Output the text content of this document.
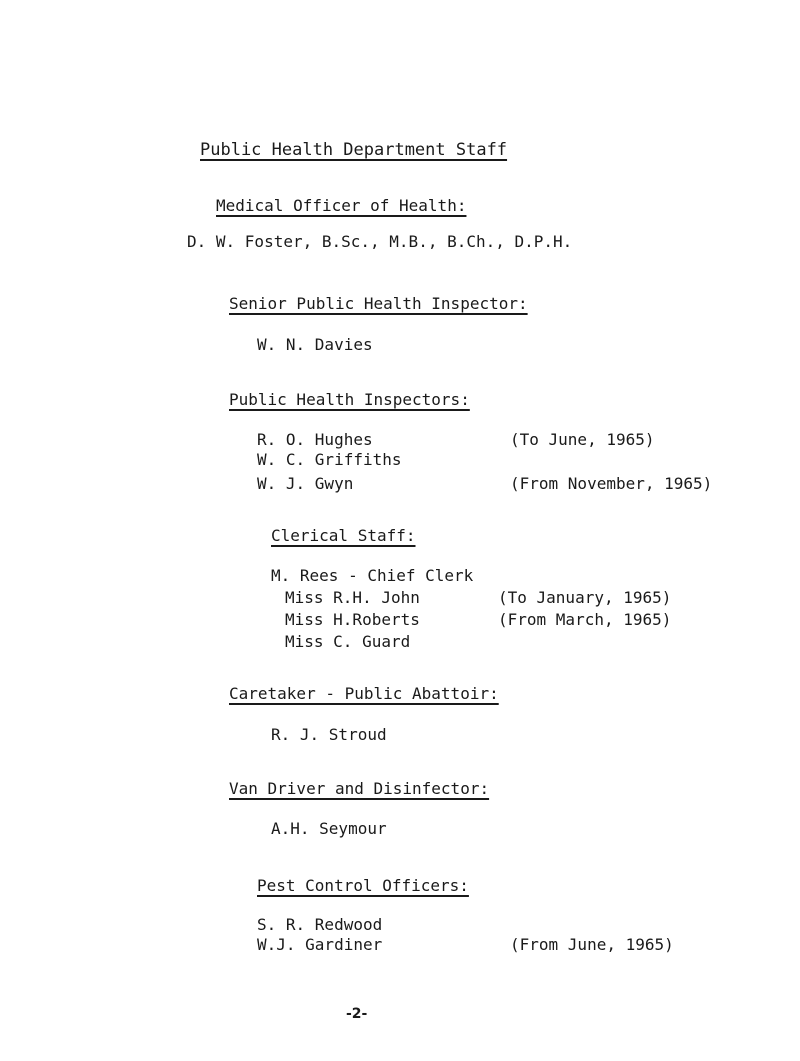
Public Health Department Staff
Medical Officer of Health:
D. W. Foster, B.Sc., M.B., B.Ch., D.P.H.
Senior Public Health Inspector:
W. N. Davies
Public Health Inspectors:
R. O. Hughes	(To June, 1965)
W. C. Griffiths
W. J. Gwyn	(From November, 1965)
Clerical Staff:
M. Rees - Chief Clerk
Miss R.H. John	(To January, 1965)
Miss H.Roberts	(From March, 1965)
Miss C. Guard
Caretaker - Public Abattoir:
R. J. Stroud
Van Driver and Disinfector:
A.H. Seymour
Pest Control Officers:
S. R. Redwood
W.J. Gardiner	(From June, 1965)
-2-
